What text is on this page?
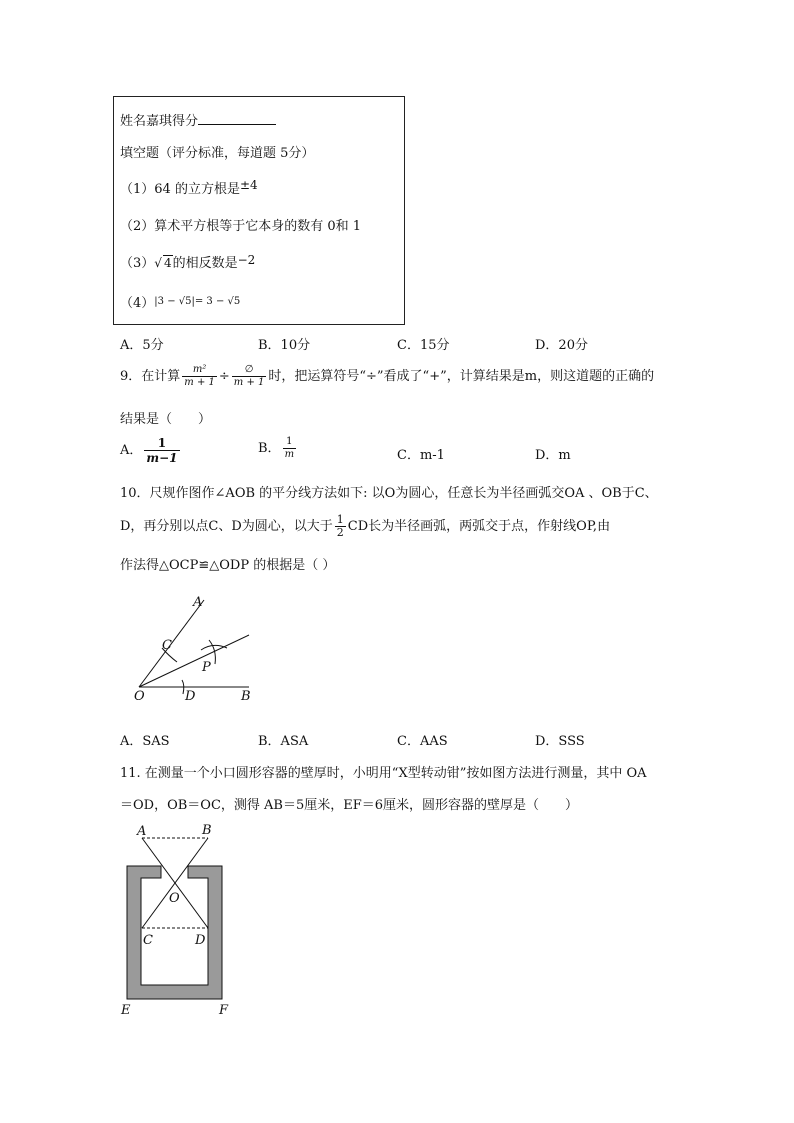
姓名嘉琪得分
填空题（评分标准，每道题 5分）
（1）64 的立方根是±4
（2）算术平方根等于它本身的数有 0和 1
（3）√ 4的相反数是−2
$(4)^{|3 - √5|= 3 - √5}$
A．5分	B．10分	C．15分	D．20分
9．在计算 $\frac{\text{m²}}{m + 1} \div \frac{\emptyset}{m + 1}$ 时，把运算符号“÷”看成了“+”，计算结果是m，则这道题的正确的
结果是（　　）
A． $\frac{1}{m-1}$	B． $\frac{1}{m}$	C．m-1	D．m
10．尺规作图作∠AOB 的平分线方法如下: 以O为圆心，任意长为半径画弧交OA 、OB于C、
D，再分别以点C、D为圆心，以大于 $\frac{1}{2}$ CD长为半径画弧，两弧交于点，作射线OP,由
作法得△OCP≌△ODP 的根据是（ ）
A
C
P
O	D	B
A．SAS	B．ASA	C．AAS	D．SSS
11. 在测量一个小口圆形容器的壁厚时，小明用“X型转动钳”按如图方法进行测量，其中 OA
＝OD，OB＝OC，测得 AB＝5厘米，EF＝6厘米，圆形容器的壁厚是（　　）
A	B
O
C	D
E	F
